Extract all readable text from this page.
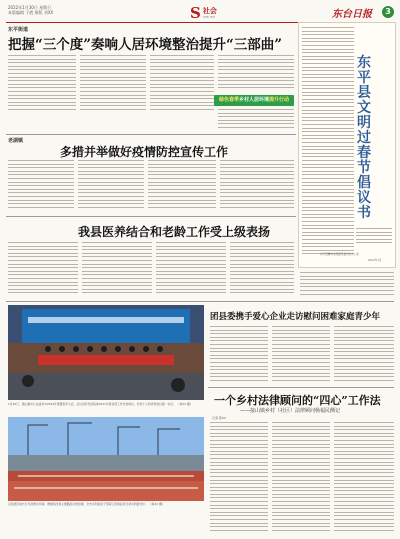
2022年1月30日 星期日
本版编辑 于霞 排版 刘XX	S 社会
SHE HUI	东台日报	3
东平街道
把握“三个度”奏响人居环境整治提升“三部曲”
绿色春季乡村人居环境提升行动
东
平
县
文
明
过
春
节
倡
议
书
东平县精神文明建设委员会办公室
2022年1月
老湖镇
多措并举做好疫情防控宣传工作
我县医养结合和老龄工作受上级表扬
1月26日，银山镇中心完成举办2022年度暨表彰大会，会议表彰先进集体2021年度各项工作先进单位、先进个人和优秀驻村第一书记。 （刘XX 摄）
沿线居民地方长年治理水环境、增强和改善主要路段河道治理，全市水利系统干部职工积极投身冬季水利建设中。 （杨XX 摄）
团县委携手爱心企业走访慰问困难家庭青少年
一个乡村法律顾问的“四心”工作法
——接山镇乡村（社区）法律顾问杨福民侧记
记者 陈XX
